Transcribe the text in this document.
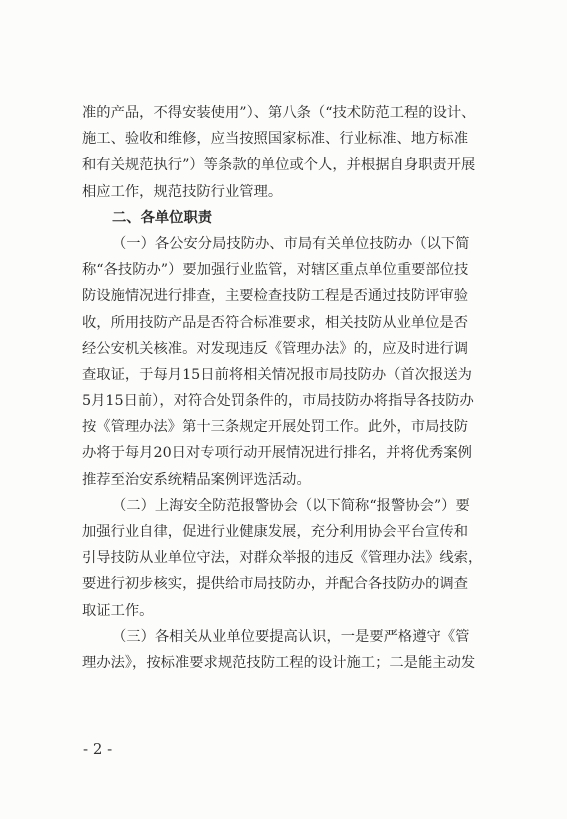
准的产品，不得安装使用”）、第八条（“技术防范工程的设计、
施工、验收和维修，应当按照国家标准、行业标准、地方标准
和有关规范执行”）等条款的单位或个人，并根据自身职责开展
相应工作，规范技防行业管理。
二、各单位职责
（一）各公安分局技防办、市局有关单位技防办（以下简
称“各技防办”）要加强行业监管，对辖区重点单位重要部位技
防设施情况进行排查，主要检查技防工程是否通过技防评审验
收，所用技防产品是否符合标准要求，相关技防从业单位是否
经公安机关核准。对发现违反《管理办法》的，应及时进行调
查取证，于每月15日前将相关情况报市局技防办（首次报送为
5月15日前），对符合处罚条件的，市局技防办将指导各技防办
按《管理办法》第十三条规定开展处罚工作。此外，市局技防
办将于每月20日对专项行动开展情况进行排名，并将优秀案例
推荐至治安系统精品案例评选活动。
（二）上海安全防范报警协会（以下简称“报警协会”）要
加强行业自律，促进行业健康发展，充分利用协会平台宣传和
引导技防从业单位守法，对群众举报的违反《管理办法》线索，
要进行初步核实，提供给市局技防办，并配合各技防办的调查
取证工作。
（三）各相关从业单位要提高认识，一是要严格遵守《管
理办法》，按标准要求规范技防工程的设计施工；二是能主动发
- 2 -
